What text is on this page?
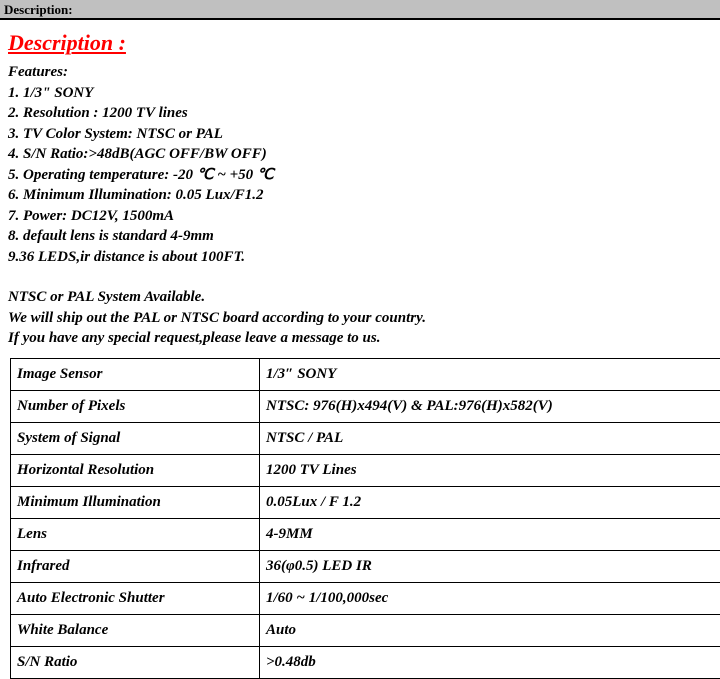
Description:
Description :
Features:
1. 1/3" SONY
2. Resolution : 1200 TV lines
3. TV Color System: NTSC or PAL
4. S/N Ratio:>48dB(AGC OFF/BW OFF)
5. Operating temperature: -20 ℃ ~ +50 ℃
6. Minimum Illumination: 0.05 Lux/F1.2
7. Power: DC12V, 1500mA
8. default lens is standard 4-9mm
9.36 LEDS,ir distance is about 100FT.
NTSC or PAL System Available.
We will ship out the PAL or NTSC board according to your country.
If you have any special request,please leave a message to us.
Image Sensor	1/3″ SONY
Number of Pixels	NTSC: 976(H)x494(V) & PAL:976(H)x582(V)
System of Signal	NTSC / PAL
Horizontal Resolution	1200 TV Lines
Minimum Illumination	0.05Lux / F 1.2
Lens	4-9MM
Infrared	36(φ0.5) LED IR
Auto Electronic Shutter	1/60 ~ 1/100,000sec
White Balance	Auto
S/N Ratio	>0.48db
